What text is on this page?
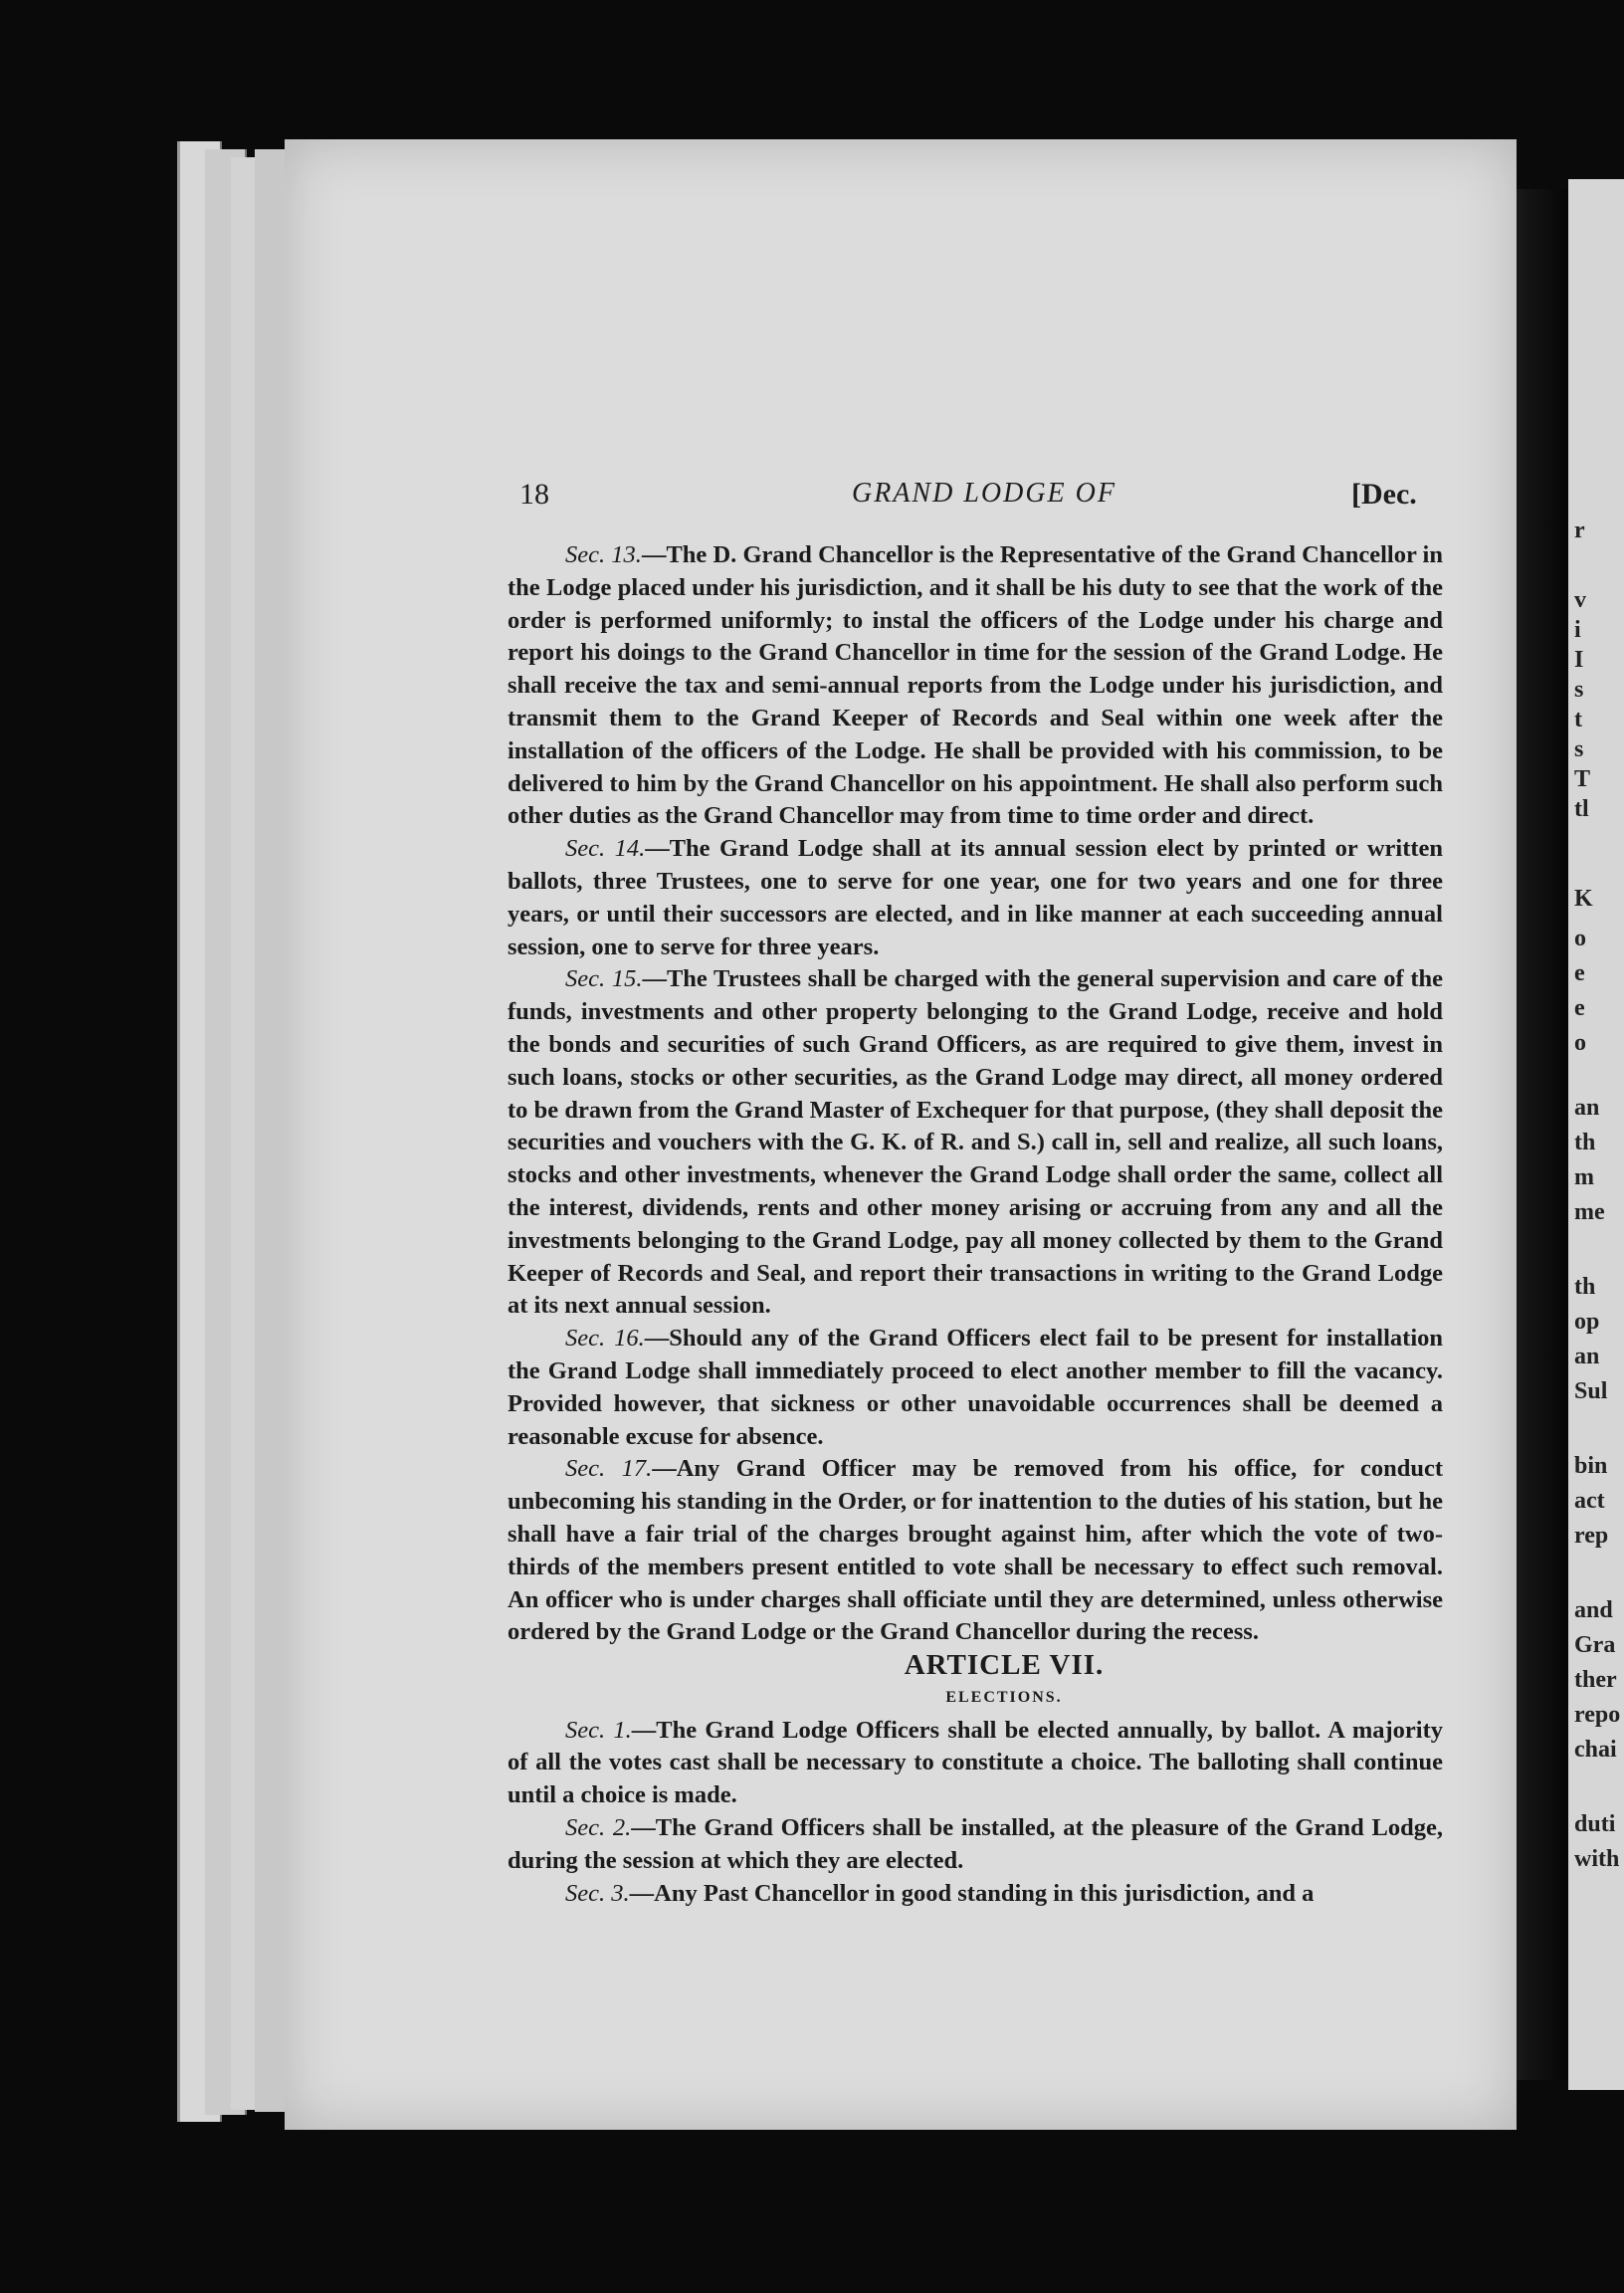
r
v
i
I
s
t
s
T
tl
K
o
e
e
o
an
th
m
me
th
op
an
Sul
bin
act
rep
and
Gra
ther
repo
chai
duti
with
18	GRAND LODGE OF	[Dec.

Sec. 13.—The D. Grand Chancellor is the Representative of the Grand Chancellor in the Lodge placed under his jurisdiction, and it shall be his duty to see that the work of the order is performed uniformly; to instal the officers of the Lodge under his charge and report his doings to the Grand Chancellor in time for the session of the Grand Lodge. He shall receive the tax and semi-annual reports from the Lodge under his jurisdiction, and transmit them to the Grand Keeper of Records and Seal within one week after the installation of the officers of the Lodge. He shall be provided with his commission, to be delivered to him by the Grand Chancellor on his appointment. He shall also perform such other duties as the Grand Chancellor may from time to time order and direct.

Sec. 14.—The Grand Lodge shall at its annual session elect by printed or written ballots, three Trustees, one to serve for one year, one for two years and one for three years, or until their successors are elected, and in like manner at each succeeding annual session, one to serve for three years.

Sec. 15.—The Trustees shall be charged with the general supervision and care of the funds, investments and other property belonging to the Grand Lodge, receive and hold the bonds and securities of such Grand Officers, as are required to give them, invest in such loans, stocks or other securities, as the Grand Lodge may direct, all money ordered to be drawn from the Grand Master of Exchequer for that purpose, (they shall deposit the securities and vouchers with the G. K. of R. and S.) call in, sell and realize, all such loans, stocks and other investments, whenever the Grand Lodge shall order the same, collect all the interest, dividends, rents and other money arising or accruing from any and all the investments belonging to the Grand Lodge, pay all money collected by them to the Grand Keeper of Records and Seal, and report their transactions in writing to the Grand Lodge at its next annual session.

Sec. 16.—Should any of the Grand Officers elect fail to be present for installation the Grand Lodge shall immediately proceed to elect another member to fill the vacancy. Provided however, that sickness or other unavoidable occurrences shall be deemed a reasonable excuse for absence.

Sec. 17.—Any Grand Officer may be removed from his office, for conduct unbecoming his standing in the Order, or for inattention to the duties of his station, but he shall have a fair trial of the charges brought against him, after which the vote of two-thirds of the members present entitled to vote shall be necessary to effect such removal. An officer who is under charges shall officiate until they are determined, unless otherwise ordered by the Grand Lodge or the Grand Chancellor during the recess.

ARTICLE VII.

ELECTIONS.

Sec. 1.—The Grand Lodge Officers shall be elected annually, by ballot. A majority of all the votes cast shall be necessary to constitute a choice. The balloting shall continue until a choice is made.

Sec. 2.—The Grand Officers shall be installed, at the pleasure of the Grand Lodge, during the session at which they are elected.

Sec. 3.—Any Past Chancellor in good standing in this jurisdiction, and a
